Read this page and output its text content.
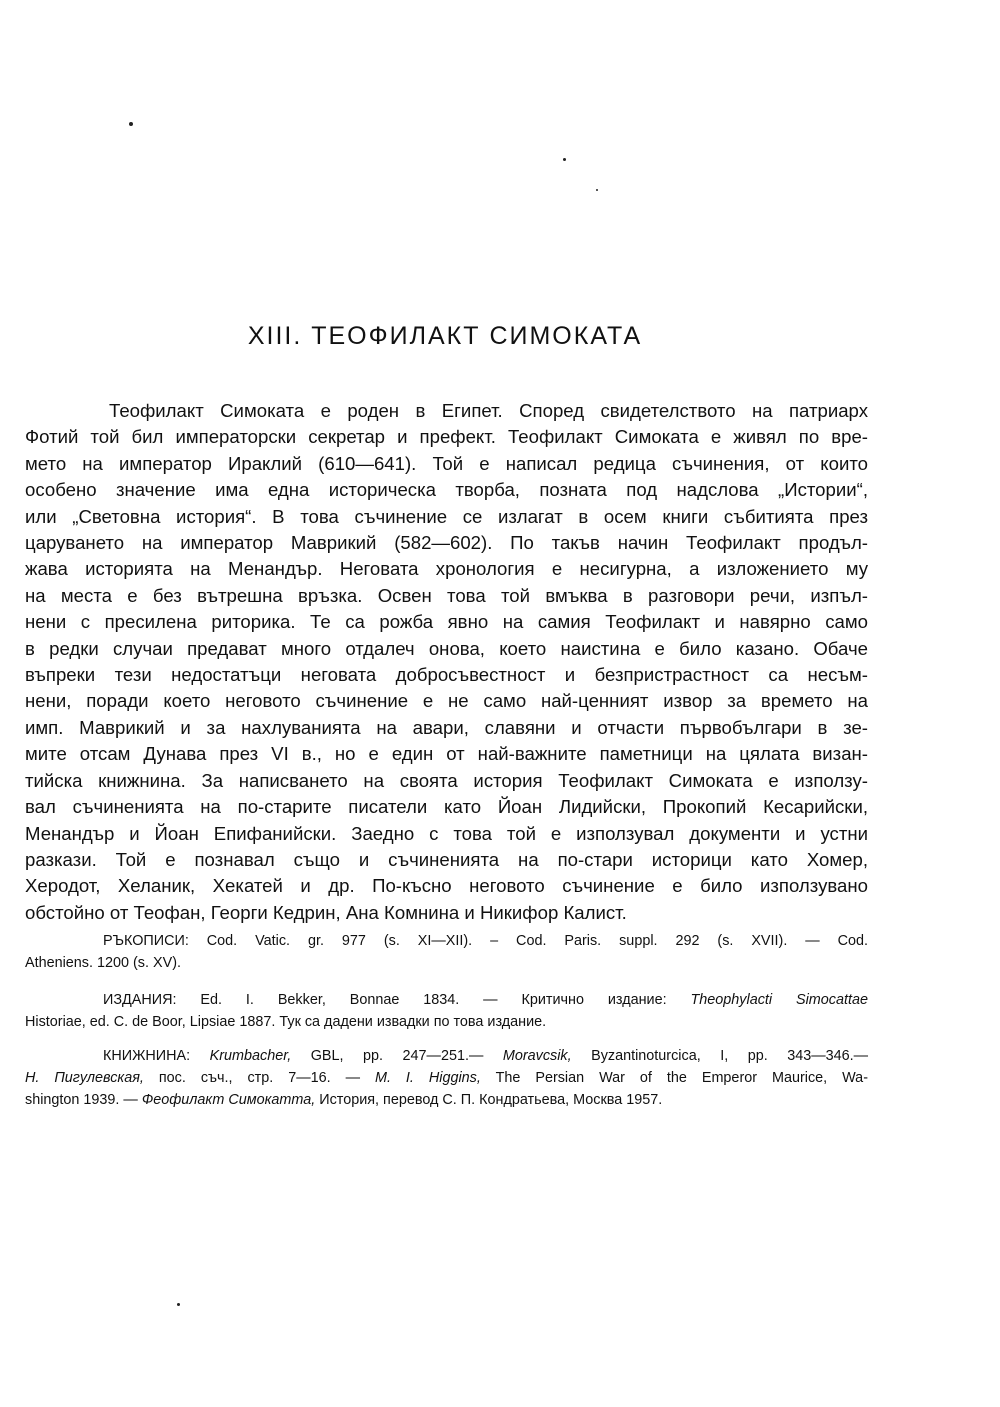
XIII. ТЕОФИЛАКТ СИМОКАТА
Теофилакт Симоката е роден в Египет. Според свидетелството на патриарх
Фотий той бил императорски секретар и префект. Теофилакт Симоката е живял по вре-
мето на император Ираклий (610—641). Той е написал редица съчинения, от които
особено значение има една историческа творба, позната под надслова „Истории“,
или „Световна история“. В това съчинение се излагат в осем книги събитията през
царуването на император Маврикий (582—602). По такъв начин Теофилакт продъл-
жава историята на Менандър. Неговата хронология е несигурна, а изложението му
на места е без вътрешна връзка. Освен това той вмъква в разговори речи, изпъл-
нени с пресилена риторика. Те са рожба явно на самия Теофилакт и навярно само
в редки случаи предават много отдалеч онова, което наистина е било казано. Обаче
въпреки тези недостатъци неговата добросъвестност и безпристрастност са несъм-
нени, поради което неговото съчинение е не само най-ценният извор за времето на
имп. Маврикий и за нахлуванията на авари, славяни и отчасти първобългари в зе-
мите отсам Дунава през VI в., но е един от най-важните паметници на цялата визан-
тийска книжнина. За написването на своята история Теофилакт Симоката е използу-
вал съчиненията на по-старите писатели като Йоан Лидийски, Прокопий Кесарийски,
Менандър и Йоан Епифанийски. Заедно с това той е използувал документи и устни
разкази. Той е познавал също и съчиненията на по-стари историци като Хомер,
Херодот, Хеланик, Хекатей и др. По-късно неговото съчинение е било използувано
обстойно от Теофан, Георги Кедрин, Ана Комнина и Никифор Калист.
РЪКОПИСИ: Cod. Vatic. gr. 977 (s. XI—XII). – Cod. Paris. suppl. 292 (s. XVII). — Cod.
Atheniens. 1200 (s. XV).
ИЗДАНИЯ: Ed. I. Bekker, Bonnae 1834. — Критично издание: Theophylacti Simocattae
Historiae, ed. C. de Boor, Lipsiae 1887. Тук са дадени извадки по това издание.
КНИЖНИНА: Krumbacher, GBL, pp. 247—251.— Moravcsik, Byzantinoturcica, I, pp. 343—346.—
Н. Пигулевская, пос. съч., стр. 7—16. — M. I. Higgins, The Persian War of the Emperor Maurice, Wa-
shington 1939. — Феофилакт Симокатта, История, перевод С. П. Кондратьева, Москва 1957.
